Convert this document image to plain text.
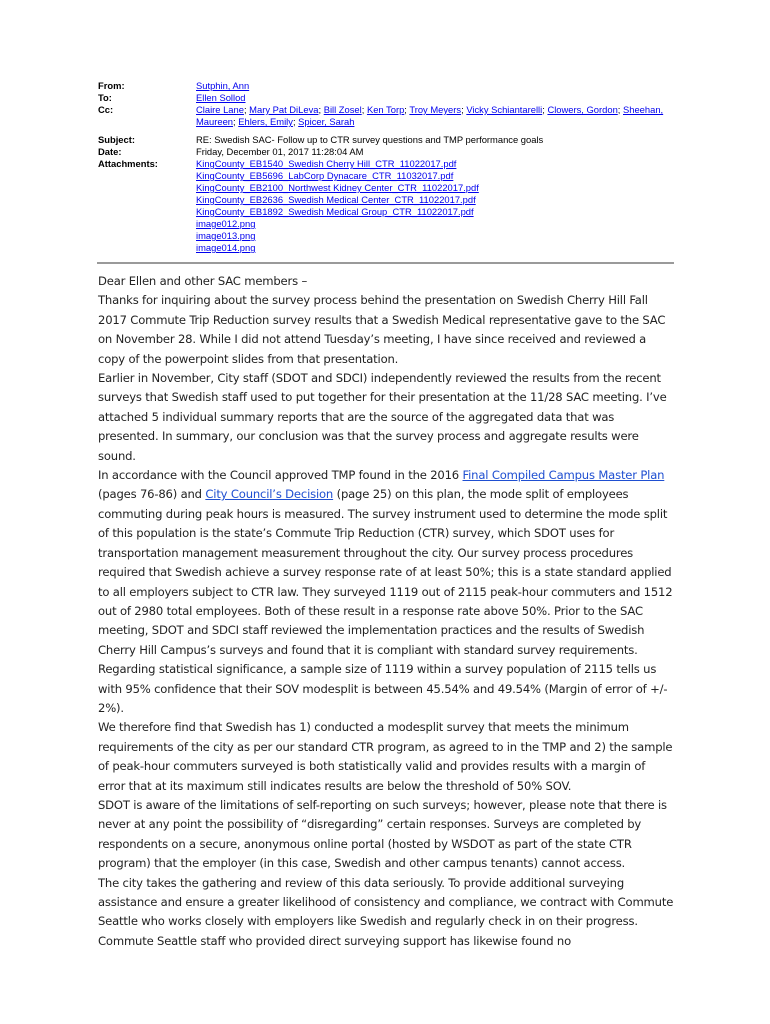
From:	Sutphin, Ann
To:	Ellen Sollod
Cc:	Claire Lane; Mary Pat DiLeva; Bill Zosel; Ken Torp; Troy Meyers; Vicky Schiantarelli; Clowers, Gordon; Sheehan, Maureen; Ehlers, Emily; Spicer, Sarah
Subject:	RE: Swedish SAC- Follow up to CTR survey questions and TMP performance goals
Date:	Friday, December 01, 2017 11:28:04 AM
Attachments:	KingCounty_EB1540_Swedish Cherry Hill_CTR_11022017.pdf
KingCounty_EB5696_LabCorp Dynacare_CTR_11032017.pdf
KingCounty_EB2100_Northwest Kidney Center_CTR_11022017.pdf
KingCounty_EB2636_Swedish Medical Center_CTR_11022017.pdf
KingCounty_EB1892_Swedish Medical Group_CTR_11022017.pdf
image012.png
image013.png
image014.png

Dear Ellen and other SAC members –

Thanks for inquiring about the survey process behind the presentation on Swedish Cherry Hill Fall 2017 Commute Trip Reduction survey results that a Swedish Medical representative gave to the SAC on November 28. While I did not attend Tuesday’s meeting, I have since received and reviewed a copy of the powerpoint slides from that presentation.

Earlier in November, City staff (SDOT and SDCI) independently reviewed the results from the recent surveys that Swedish staff used to put together for their presentation at the 11/28 SAC meeting. I’ve attached 5 individual summary reports that are the source of the aggregated data that was presented. In summary, our conclusion was that the survey process and aggregate results were sound.

In accordance with the Council approved TMP found in the 2016 Final Compiled Campus Master Plan (pages 76-86) and City Council’s Decision (page 25) on this plan, the mode split of employees commuting during peak hours is measured. The survey instrument used to determine the mode split of this population is the state’s Commute Trip Reduction (CTR) survey, which SDOT uses for transportation management measurement throughout the city. Our survey process procedures required that Swedish achieve a survey response rate of at least 50%; this is a state standard applied to all employers subject to CTR law. They surveyed 1119 out of 2115 peak-hour commuters and 1512 out of 2980 total employees. Both of these result in a response rate above 50%. Prior to the SAC meeting, SDOT and SDCI staff reviewed the implementation practices and the results of Swedish Cherry Hill Campus’s surveys and found that it is compliant with standard survey requirements.

Regarding statistical significance, a sample size of 1119 within a survey population of 2115 tells us with 95% confidence that their SOV modesplit is between 45.54% and 49.54% (Margin of error of +/- 2%).

We therefore find that Swedish has 1) conducted a modesplit survey that meets the minimum requirements of the city as per our standard CTR program, as agreed to in the TMP and 2) the sample of peak-hour commuters surveyed is both statistically valid and provides results with a margin of error that at its maximum still indicates results are below the threshold of 50% SOV.

SDOT is aware of the limitations of self-reporting on such surveys; however, please note that there is never at any point the possibility of “disregarding” certain responses. Surveys are completed by respondents on a secure, anonymous online portal (hosted by WSDOT as part of the state CTR program) that the employer (in this case, Swedish and other campus tenants) cannot access.

The city takes the gathering and review of this data seriously. To provide additional surveying assistance and ensure a greater likelihood of consistency and compliance, we contract with Commute Seattle who works closely with employers like Swedish and regularly check in on their progress. Commute Seattle staff who provided direct surveying support has likewise found no
